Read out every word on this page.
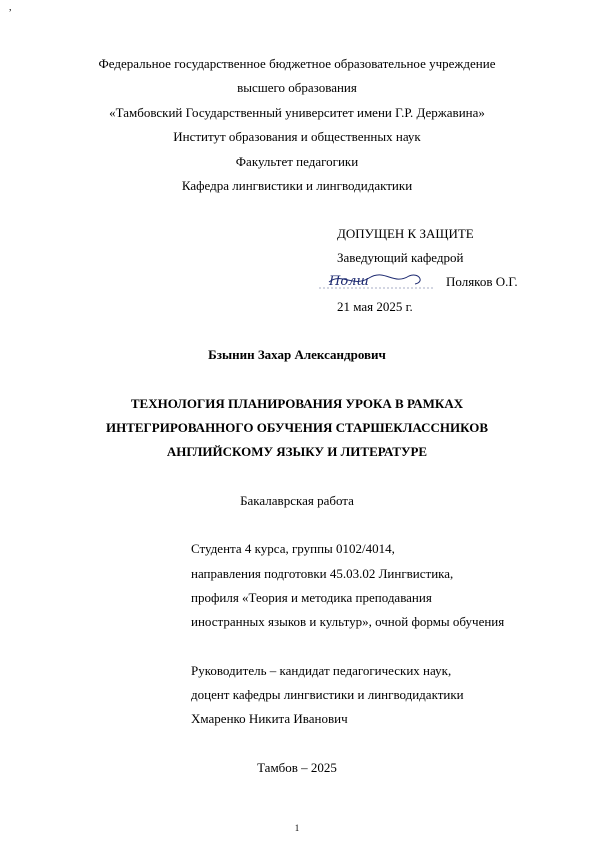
,
Федеральное государственное бюджетное образовательное учреждение
высшего образования
«Тамбовский Государственный университет имени Г.Р. Державина»
Институт образования и общественных наук
Факультет педагогики
Кафедра лингвистики и лингводидактики
ДОПУЩЕН К ЗАЩИТЕ
Заведующий кафедрой
Полш	Поляков О.Г.
21 мая 2025 г.
Бзынин Захар Александрович
ТЕХНОЛОГИЯ ПЛАНИРОВАНИЯ УРОКА В РАМКАХ
ИНТЕГРИРОВАННОГО ОБУЧЕНИЯ СТАРШЕКЛАССНИКОВ
АНГЛИЙСКОМУ ЯЗЫКУ И ЛИТЕРАТУРЕ
Бакалаврская работа
Студента 4 курса, группы 0102/4014,
направления подготовки 45.03.02 Лингвистика,
профиля «Теория и методика преподавания
иностранных языков и культур», очной формы обучения
Руководитель – кандидат педагогических наук,
доцент кафедры лингвистики и лингводидактики
Хмаренко Никита Иванович
Тамбов – 2025
1
